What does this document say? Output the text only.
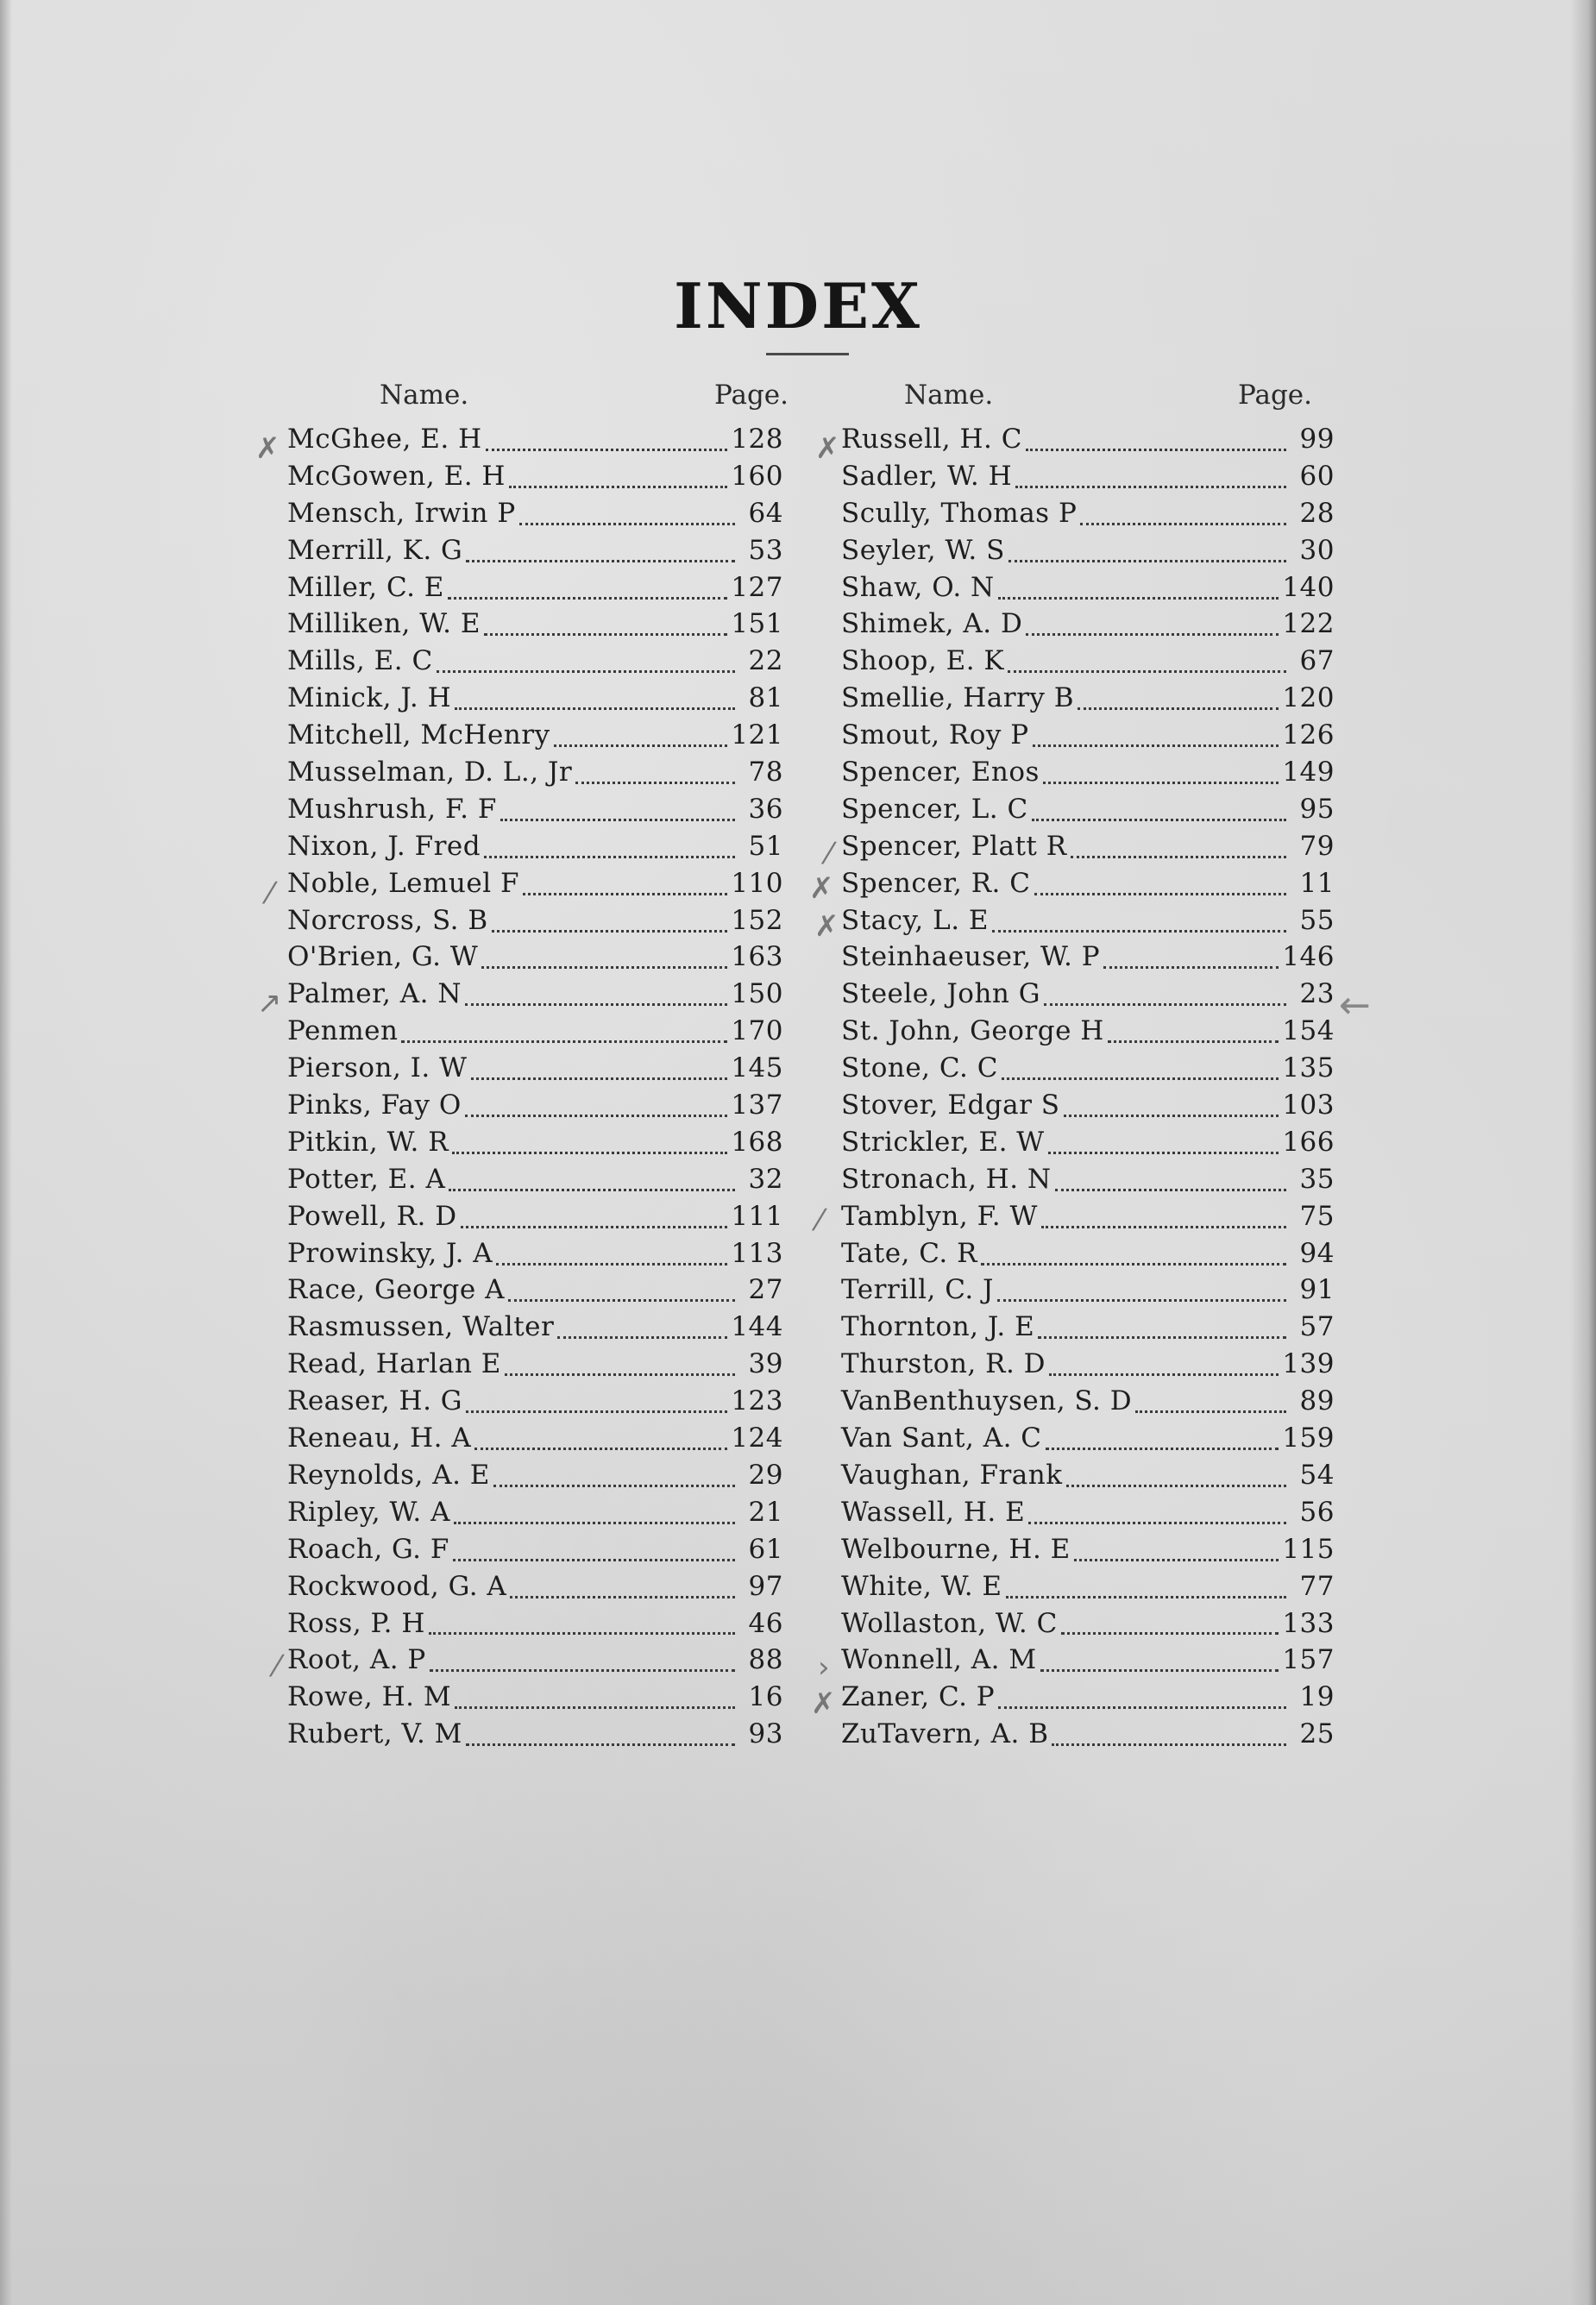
INDEX
Name.	Page.	Name.	Page.
McGhee, E. H	128
McGowen, E. H	160
Mensch, Irwin P	64
Merrill, K. G	53
Miller, C. E	127
Milliken, W. E	151
Mills, E. C	22
Minick, J. H	81
Mitchell, McHenry	121
Musselman, D. L., Jr	78
Mushrush, F. F	36
Nixon, J. Fred	51
Noble, Lemuel F	110
Norcross, S. B	152
O'Brien, G. W	163
Palmer, A. N	150
Penmen	170
Pierson, I. W	145
Pinks, Fay O	137
Pitkin, W. R	168
Potter, E. A	32
Powell, R. D	111
Prowinsky, J. A	113
Race, George A	27
Rasmussen, Walter	144
Read, Harlan E	39
Reaser, H. G	123
Reneau, H. A	124
Reynolds, A. E	29
Ripley, W. A	21
Roach, G. F	61
Rockwood, G. A	97
Ross, P. H	46
Root, A. P	88
Rowe, H. M	16
Rubert, V. M	93
Russell, H. C	99
Sadler, W. H	60
Scully, Thomas P	28
Seyler, W. S	30
Shaw, O. N	140
Shimek, A. D	122
Shoop, E. K	67
Smellie, Harry B	120
Smout, Roy P	126
Spencer, Enos	149
Spencer, L. C	95
Spencer, Platt R	79
Spencer, R. C	11
Stacy, L. E	55
Steinhaeuser, W. P	146
Steele, John G	23
St. John, George H	154
Stone, C. C	135
Stover, Edgar S	103
Strickler, E. W	166
Stronach, H. N	35
Tamblyn, F. W	75
Tate, C. R	94
Terrill, C. J	91
Thornton, J. E	57
Thurston, R. D	139
VanBenthuysen, S. D	89
Van Sant, A. C	159
Vaughan, Frank	54
Wassell, H. E	56
Welbourne, H. E	115
White, W. E	77
Wollaston, W. C	133
Wonnell, A. M	157
Zaner, C. P	19
ZuTavern, A. B	25
✗
⁄
↗
⁄
✗
⁄
✗
✗
⁄
›
✗
←
